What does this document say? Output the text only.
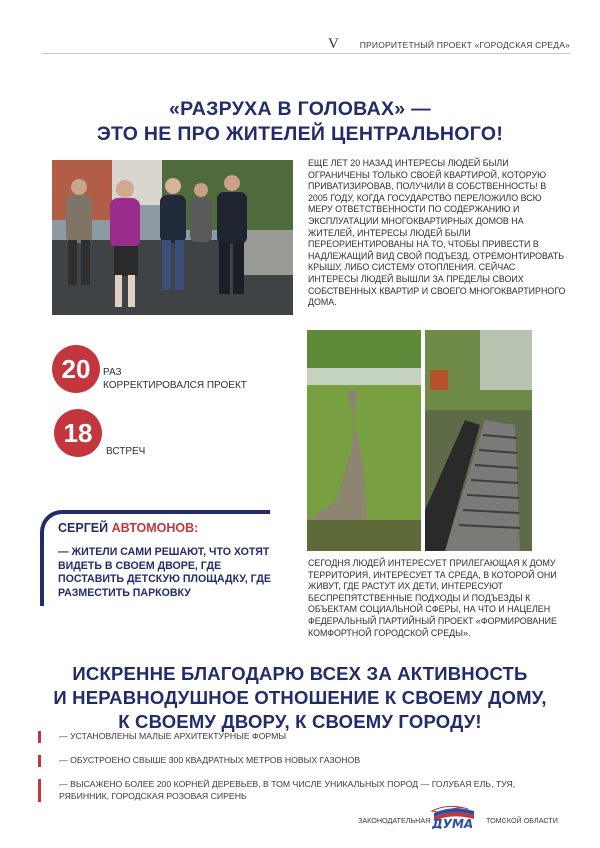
V ПРИОРИТЕТНЫЙ ПРОЕКТ «ГОРОДСКАЯ СРЕДА»
«РАЗРУХА В ГОЛОВАХ» —
ЭТО НЕ ПРО ЖИТЕЛЕЙ ЦЕНТРАЛЬНОГО!
ЕЩЕ ЛЕТ 20 НАЗАД ИНТЕРЕСЫ ЛЮДЕЙ БЫЛИ ОГРАНИЧЕНЫ ТОЛЬКО СВОЕЙ КВАРТИРОЙ, КОТОРУЮ ПРИВАТИЗИРОВАВ, ПОЛУЧИЛИ В СОБСТВЕННОСТЬ! В 2005 ГОДУ, КОГДА ГОСУДАРСТВО ПЕРЕЛОЖИЛО ВСЮ МЕРУ ОТВЕТСТВЕННОСТИ ПО СОДЕРЖАНИЮ И ЭКСПЛУАТАЦИИ МНОГОКВАРТИРНЫХ ДОМОВ НА ЖИТЕЛЕЙ, ИНТЕРЕСЫ ЛЮДЕЙ БЫЛИ ПЕРЕОРИЕНТИРОВАНЫ НА ТО, ЧТОБЫ ПРИВЕСТИ В НАДЛЕЖАЩИЙ ВИД СВОЙ ПОДЪЕЗД, ОТРЕМОНТИРОВАТЬ КРЫШУ, ЛИБО СИСТЕМУ ОТОПЛЕНИЯ. СЕЙЧАС ИНТЕРЕСЫ ЛЮДЕЙ ВЫШЛИ ЗА ПРЕДЕЛЫ СВОИХ СОБСТВЕННЫХ КВАРТИР И СВОЕГО МНОГОКВАРТИРНОГО ДОМА.
20	РАЗ
КОРРЕКТИРОВАЛСЯ ПРОЕКТ
18
ВСТРЕЧ
СЕРГЕЙ АВТОМОНОВ:
— ЖИТЕЛИ САМИ РЕШАЮТ, ЧТО ХОТЯТ ВИДЕТЬ В СВОЕМ ДВОРЕ, ГДЕ ПОСТАВИТЬ ДЕТСКУЮ ПЛОЩАДКУ, ГДЕ РАЗМЕСТИТЬ ПАРКОВКУ
СЕГОДНЯ ЛЮДЕЙ ИНТЕРЕСУЕТ ПРИЛЕГАЮЩАЯ К ДОМУ ТЕРРИТОРИЯ, ИНТЕРЕСУЕТ ТА СРЕДА, В КОТОРОЙ ОНИ ЖИВУТ, ГДЕ РАСТУТ ИХ ДЕТИ, ИНТЕРЕСУЮТ БЕСПРЕПЯТСТВЕННЫЕ ПОДХОДЫ И ПОДЪЕЗДЫ К ОБЪЕКТАМ СОЦИАЛЬНОЙ СФЕРЫ, НА ЧТО И НАЦЕЛЕН ФЕДЕРАЛЬНЫЙ ПАРТИЙНЫЙ ПРОЕКТ «ФОРМИРОВАНИЕ КОМФОРТНОЙ ГОРОДСКОЙ СРЕДЫ».
ИСКРЕННЕ БЛАГОДАРЮ ВСЕХ ЗА АКТИВНОСТЬ
И НЕРАВНОДУШНОЕ ОТНОШЕНИЕ К СВОЕМУ ДОМУ,
К СВОЕМУ ДВОРУ, К СВОЕМУ ГОРОДУ!
— УСТАНОВЛЕНЫ МАЛЫЕ АРХИТЕКТУРНЫЕ ФОРМЫ
— ОБУСТРОЕНО СВЫШЕ 300 КВАДРАТНЫХ МЕТРОВ НОВЫХ ГАЗОНОВ
— ВЫСАЖЕНО БОЛЕЕ 200 КОРНЕЙ ДЕРЕВЬЕВ, В ТОМ ЧИСЛЕ УНИКАЛЬНЫХ ПОРОД — ГОЛУБАЯ ЕЛЬ, ТУЯ,
РЯБИННИК, ГОРОДСКАЯ РОЗОВАЯ СИРЕНЬ
ЗАКОНОДАТЕЛЬНАЯ ДУМА ТОМСКОЙ ОБЛАСТИ
